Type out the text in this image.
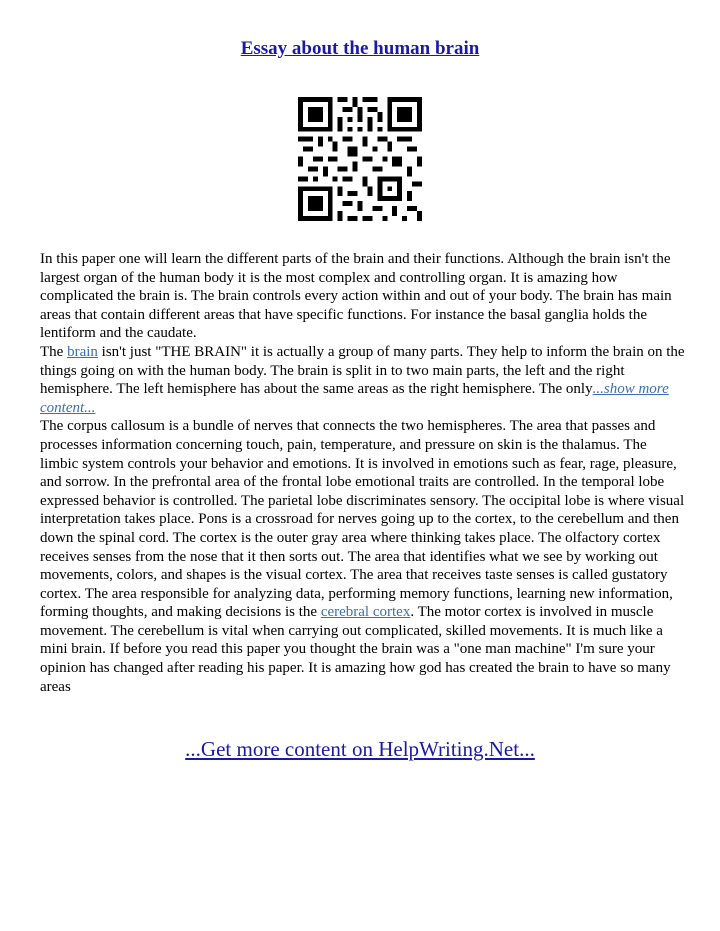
Essay about the human brain

In this paper one will learn the different parts of the brain and their functions. Although the brain isn't the largest organ of the human body it is the most complex and controlling organ. It is amazing how complicated the brain is. The brain controls every action within and out of your body. The brain has main areas that contain different areas that have specific functions. For instance the basal ganglia holds the lentiform and the caudate.

The brain isn't just "THE BRAIN" it is actually a group of many parts. They help to inform the brain on the things going on with the human body. The brain is split in to two main parts, the left and the right hemisphere. The left hemisphere has about the same areas as the right hemisphere. The only...show more content...

The corpus callosum is a bundle of nerves that connects the two hemispheres. The area that passes and processes information concerning touch, pain, temperature, and pressure on skin is the thalamus. The limbic system controls your behavior and emotions. It is involved in emotions such as fear, rage, pleasure, and sorrow. In the prefrontal area of the frontal lobe emotional traits are controlled. In the temporal lobe expressed behavior is controlled. The parietal lobe discriminates sensory. The occipital lobe is where visual interpretation takes place. Pons is a crossroad for nerves going up to the cortex, to the cerebellum and then down the spinal cord. The cortex is the outer gray area where thinking takes place. The olfactory cortex receives senses from the nose that it then sorts out. The area that identifies what we see by working out movements, colors, and shapes is the visual cortex. The area that receives taste senses is called gustatory cortex. The area responsible for analyzing data, performing memory functions, learning new information, forming thoughts, and making decisions is the cerebral cortex. The motor cortex is involved in muscle movement. The cerebellum is vital when carrying out complicated, skilled movements. It is much like a mini brain. If before you read this paper you thought the brain was a "one man machine" I'm sure your opinion has changed after reading his paper. It is amazing how god has created the brain to have so many areas

...Get more content on HelpWriting.Net...
